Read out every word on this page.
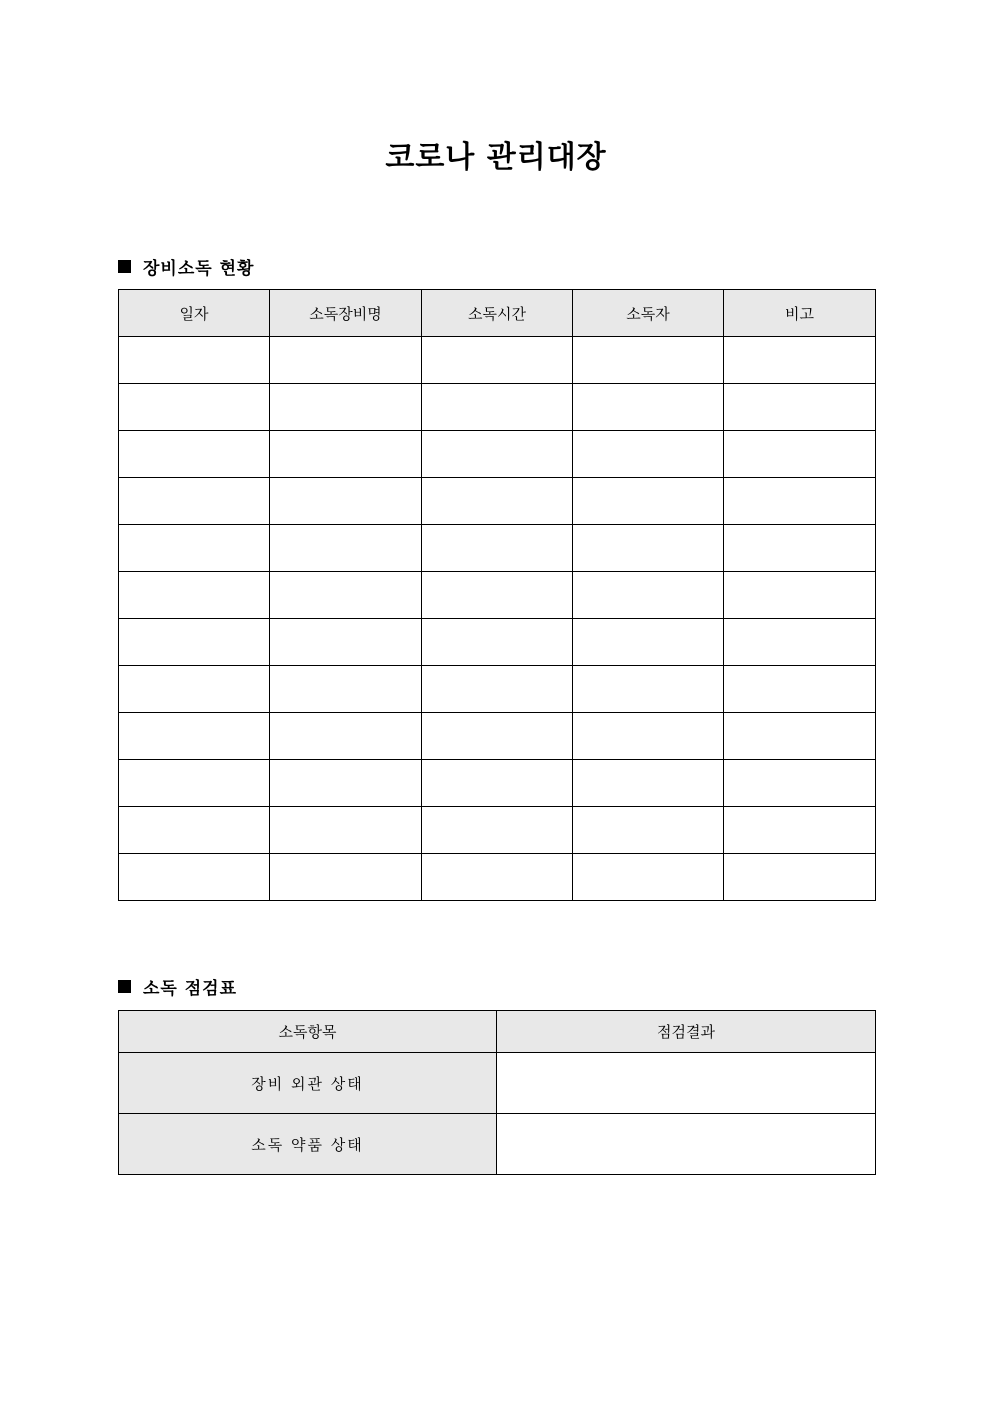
코로나 관리대장
장비소독 현황
일자	소독장비명	소독시간	소독자	비고

소독 점검표
소독항목	점검결과
장비 외관 상태	
소독 약품 상태	
